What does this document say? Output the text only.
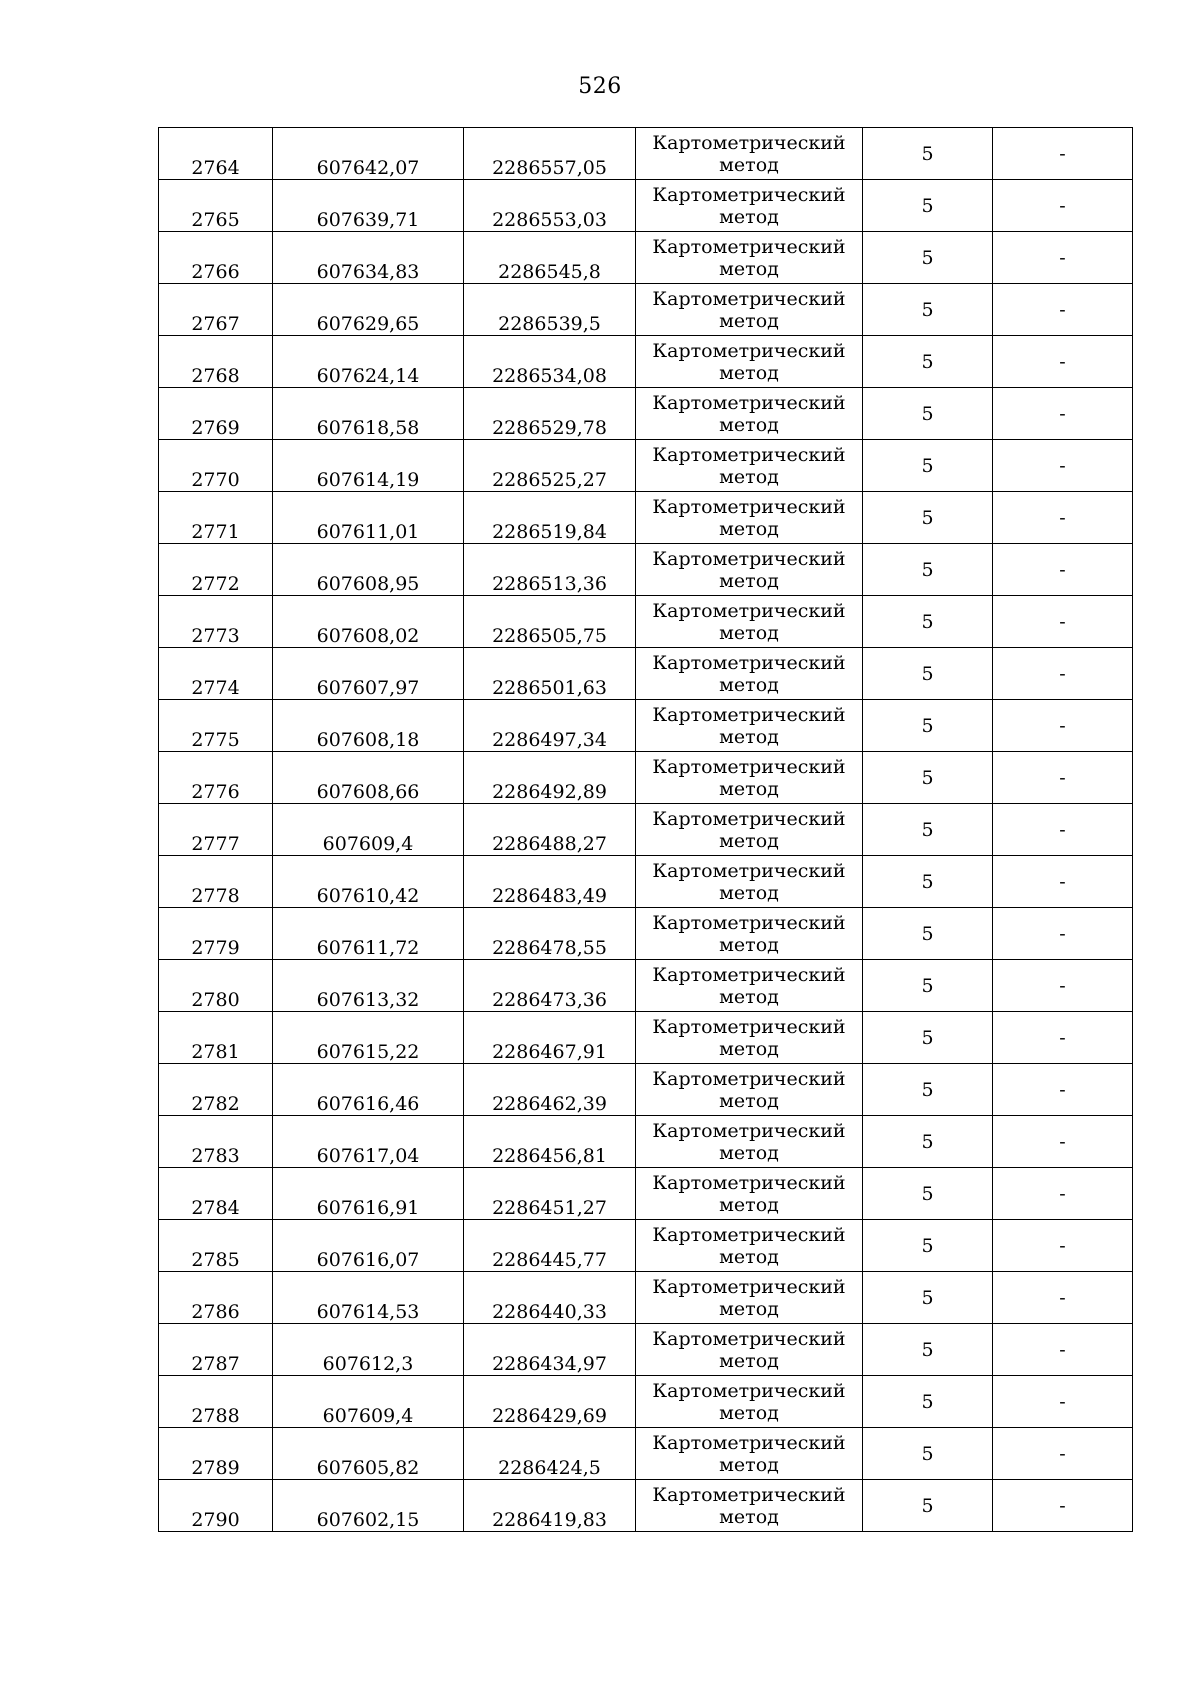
526
2764	607642,07	2286557,05	Картометрический метод	5	-
2765	607639,71	2286553,03	Картометрический метод	5	-
2766	607634,83	2286545,8	Картометрический метод	5	-
2767	607629,65	2286539,5	Картометрический метод	5	-
2768	607624,14	2286534,08	Картометрический метод	5	-
2769	607618,58	2286529,78	Картометрический метод	5	-
2770	607614,19	2286525,27	Картометрический метод	5	-
2771	607611,01	2286519,84	Картометрический метод	5	-
2772	607608,95	2286513,36	Картометрический метод	5	-
2773	607608,02	2286505,75	Картометрический метод	5	-
2774	607607,97	2286501,63	Картометрический метод	5	-
2775	607608,18	2286497,34	Картометрический метод	5	-
2776	607608,66	2286492,89	Картометрический метод	5	-
2777	607609,4	2286488,27	Картометрический метод	5	-
2778	607610,42	2286483,49	Картометрический метод	5	-
2779	607611,72	2286478,55	Картометрический метод	5	-
2780	607613,32	2286473,36	Картометрический метод	5	-
2781	607615,22	2286467,91	Картометрический метод	5	-
2782	607616,46	2286462,39	Картометрический метод	5	-
2783	607617,04	2286456,81	Картометрический метод	5	-
2784	607616,91	2286451,27	Картометрический метод	5	-
2785	607616,07	2286445,77	Картометрический метод	5	-
2786	607614,53	2286440,33	Картометрический метод	5	-
2787	607612,3	2286434,97	Картометрический метод	5	-
2788	607609,4	2286429,69	Картометрический метод	5	-
2789	607605,82	2286424,5	Картометрический метод	5	-
2790	607602,15	2286419,83	Картометрический метод	5	-
